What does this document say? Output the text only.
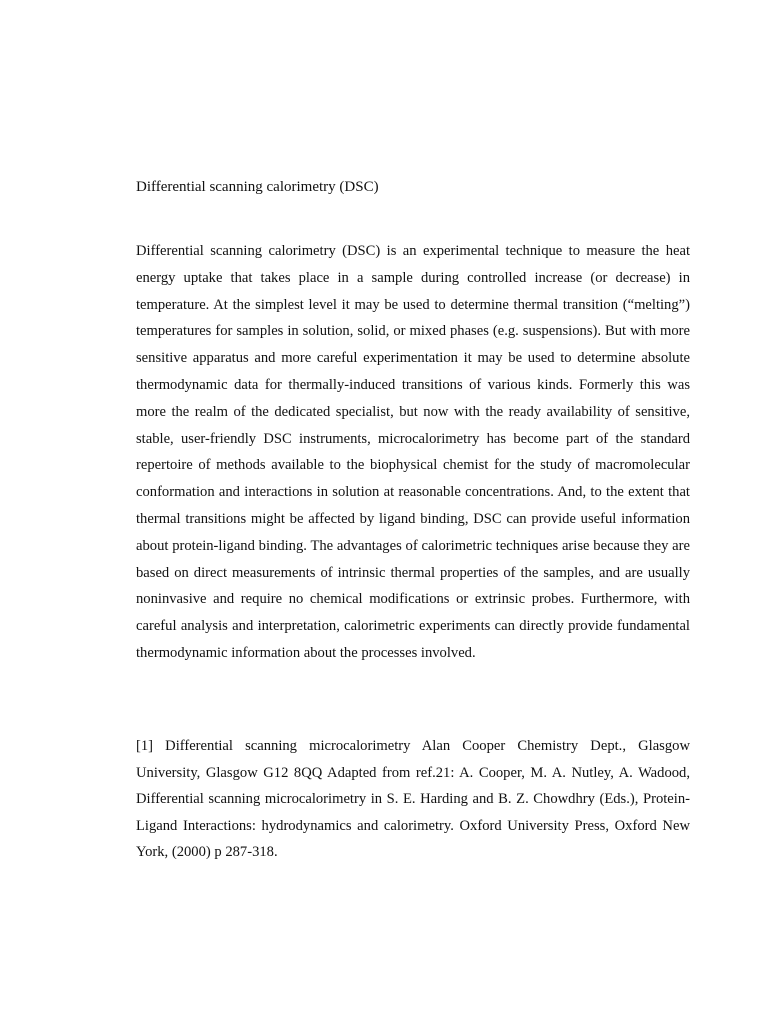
Differential scanning calorimetry (DSC)

Differential scanning calorimetry (DSC) is an experimental technique to measure the heat energy uptake that takes place in a sample during controlled increase (or decrease) in temperature. At the simplest level it may be used to determine thermal transition (“melting”) temperatures for samples in solution, solid, or mixed phases (e.g. suspensions). But with more sensitive apparatus and more careful experimentation it may be used to determine absolute thermodynamic data for thermally-induced transitions of various kinds. Formerly this was more the realm of the dedicated specialist, but now with the ready availability of sensitive, stable, user-friendly DSC instruments, microcalorimetry has become part of the standard repertoire of methods available to the biophysical chemist for the study of macromolecular conformation and interactions in solution at reasonable concentrations. And, to the extent that thermal transitions might be affected by ligand binding, DSC can provide useful information about protein-ligand binding. The advantages of calorimetric techniques arise because they are based on direct measurements of intrinsic thermal properties of the samples, and are usually noninvasive and require no chemical modifications or extrinsic probes. Furthermore, with careful analysis and interpretation, calorimetric experiments can directly provide fundamental thermodynamic information about the processes involved.

[1] Differential scanning microcalorimetry Alan Cooper Chemistry Dept., Glasgow University, Glasgow G12 8QQ Adapted from ref.21: A. Cooper, M. A. Nutley, A. Wadood, Differential scanning microcalorimetry in S. E. Harding and B. Z. Chowdhry (Eds.), Protein-Ligand Interactions: hydrodynamics and calorimetry. Oxford University Press, Oxford New York, (2000) p 287-318.
